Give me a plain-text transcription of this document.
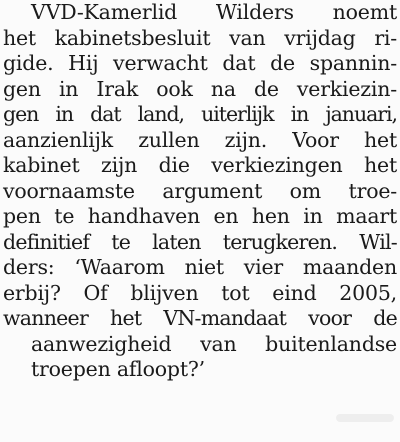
VVD-Kamerlid Wilders noemt
het kabinetsbesluit van vrijdag ri-
gide. Hij verwacht dat de spannin-
gen in Irak ook na de verkiezin-
gen in dat land, uiterlijk in januari,
aanzienlijk zullen zijn. Voor het
kabinet zijn die verkiezingen het
voornaamste argument om troe-
pen te handhaven en hen in maart
definitief te laten terugkeren. Wil-
ders: ‘Waarom niet vier maanden
erbij? Of blijven tot eind 2005,
wanneer het VN-mandaat voor de
aanwezigheid van buitenlandse
troepen afloopt?’
